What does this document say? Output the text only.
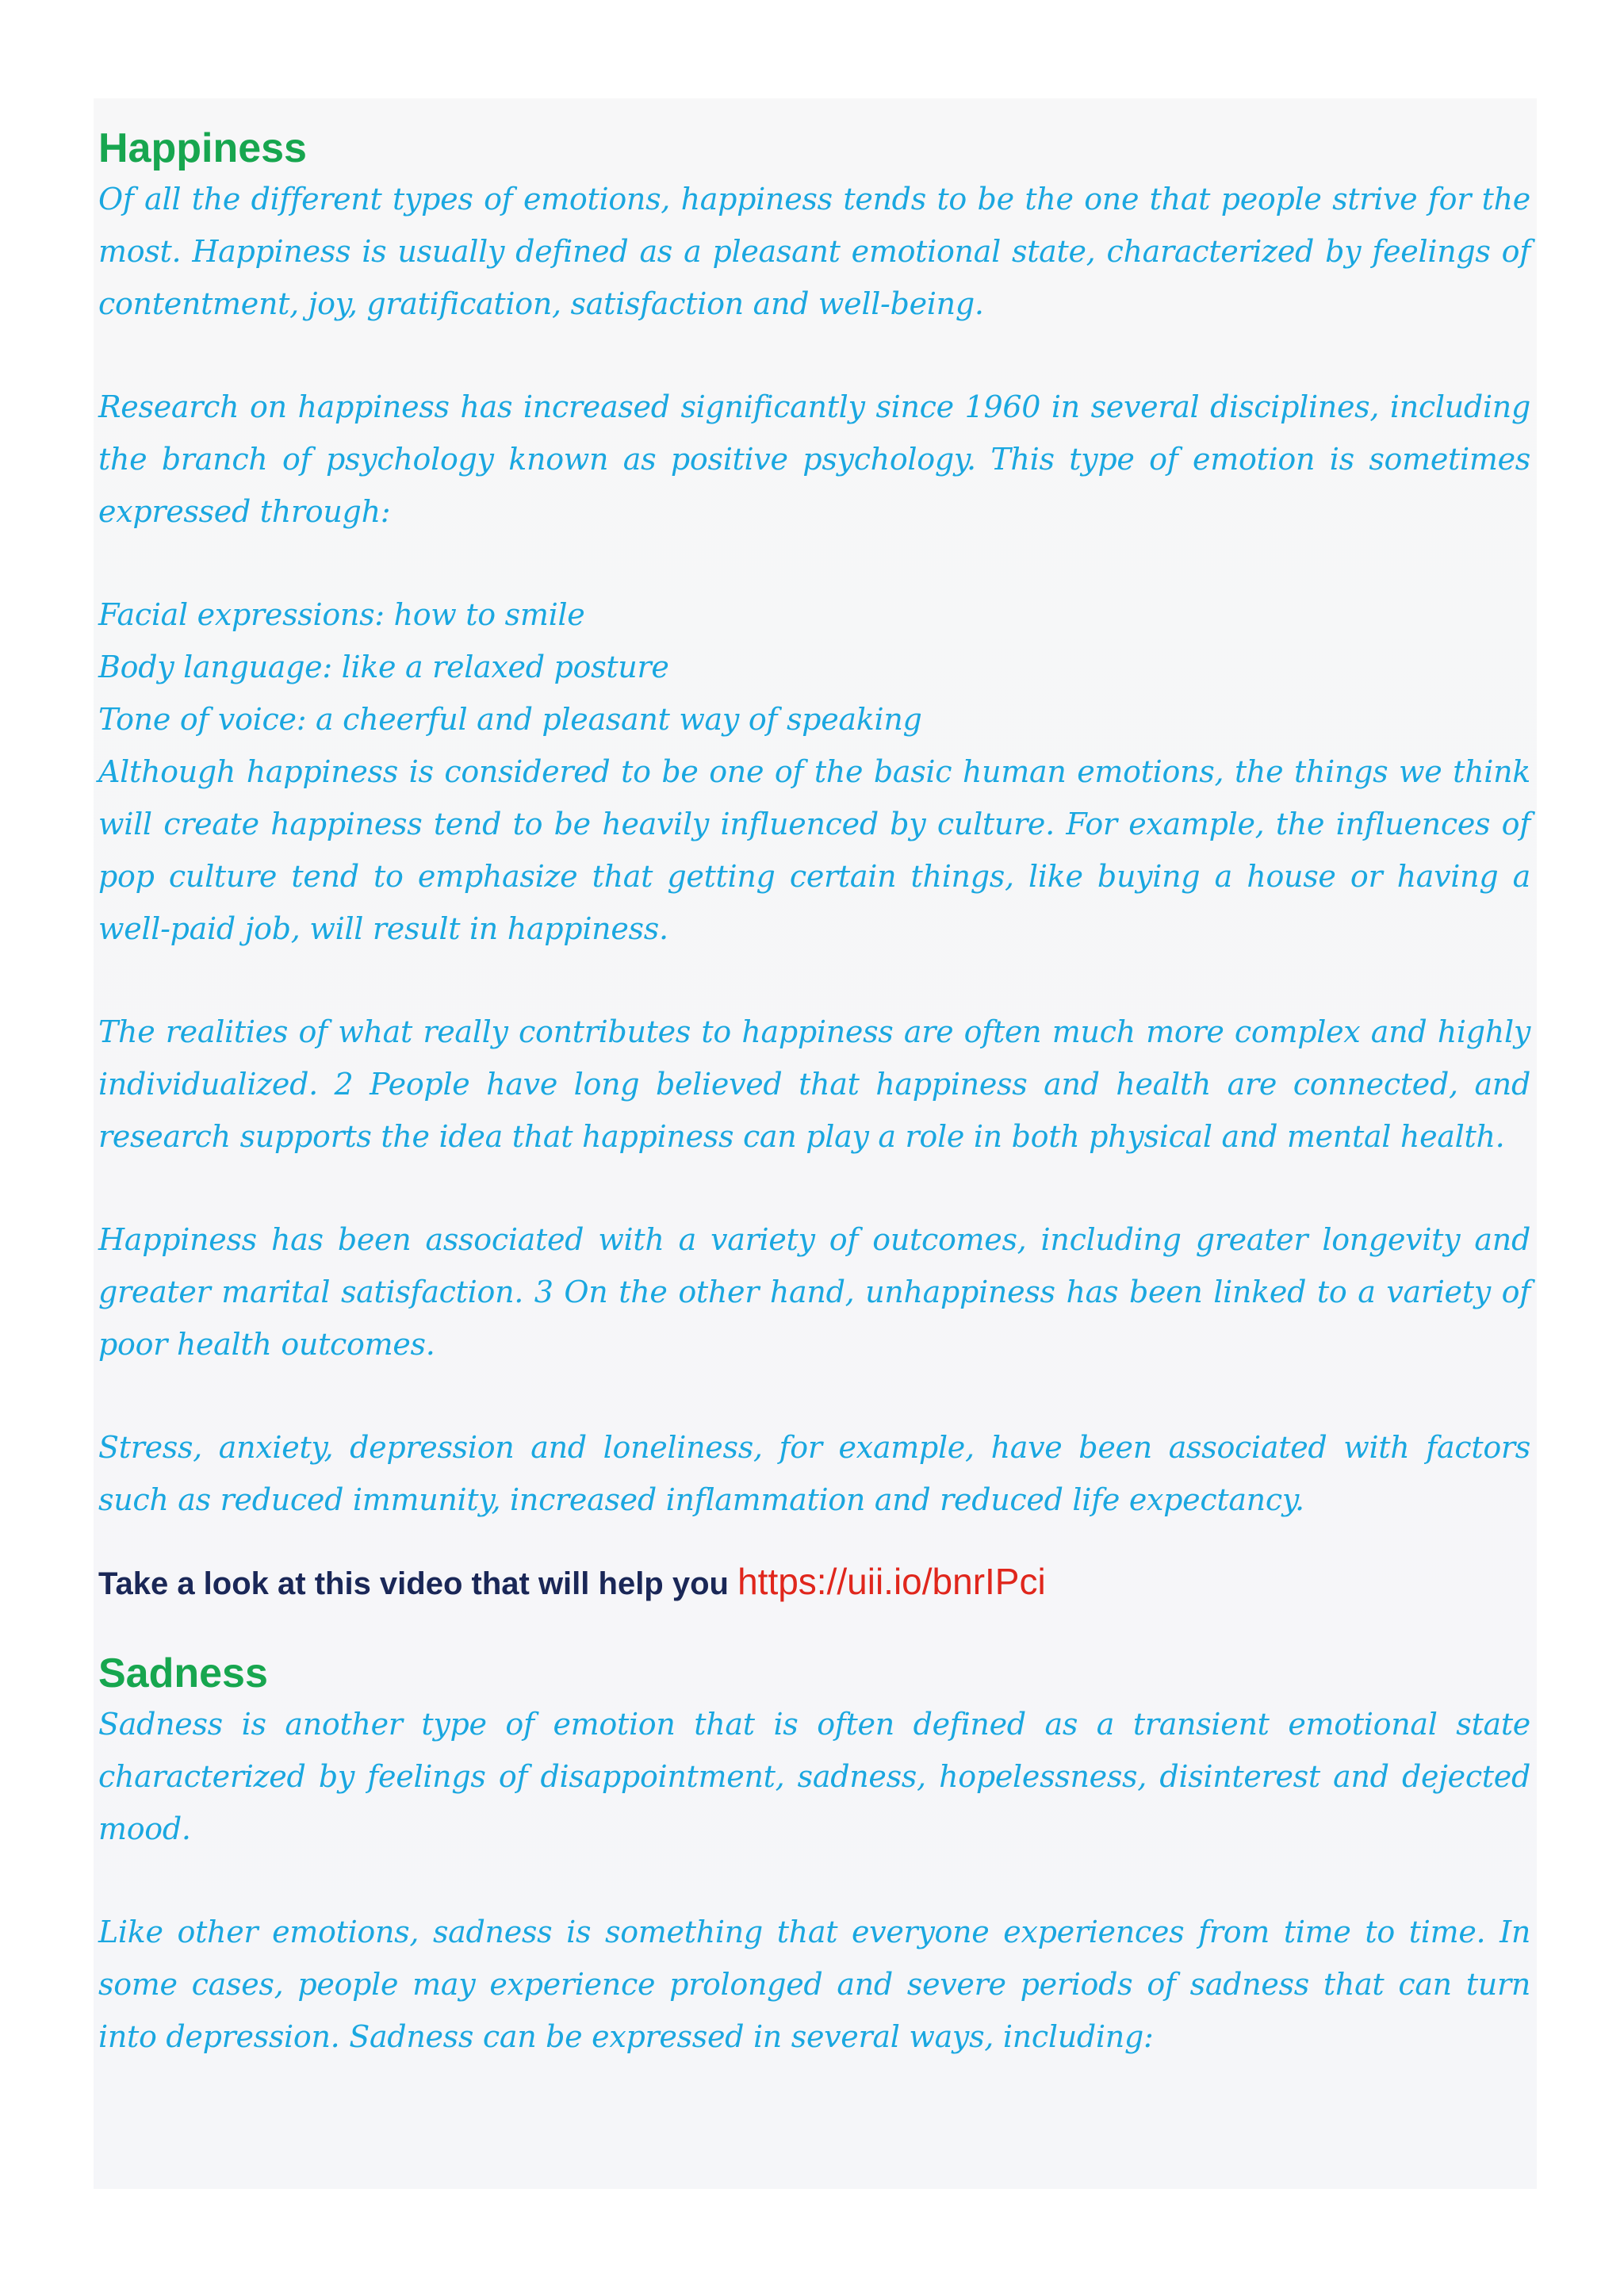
Happiness

Of all the different types of emotions, happiness tends to be the one that people strive for the most. Happiness is usually defined as a pleasant emotional state, characterized by feelings of contentment, joy, gratification, satisfaction and well-being.

Research on happiness has increased significantly since 1960 in several disciplines, including the branch of psychology known as positive psychology. This type of emotion is sometimes expressed through:

Facial expressions: how to smile
Body language: like a relaxed posture
Tone of voice: a cheerful and pleasant way of speaking

Although happiness is considered to be one of the basic human emotions, the things we think will create happiness tend to be heavily influenced by culture. For example, the influences of pop culture tend to emphasize that getting certain things, like buying a house or having a well-paid job, will result in happiness.

The realities of what really contributes to happiness are often much more complex and highly individualized. 2 People have long believed that happiness and health are connected, and research supports the idea that happiness can play a role in both physical and mental health.

Happiness has been associated with a variety of outcomes, including greater longevity and greater marital satisfaction. 3 On the other hand, unhappiness has been linked to a variety of poor health outcomes.

Stress, anxiety, depression and loneliness, for example, have been associated with factors such as reduced immunity, increased inflammation and reduced life expectancy.

Take a look at this video that will help you https://uii.io/bnrIPci

Sadness

Sadness is another type of emotion that is often defined as a transient emotional state characterized by feelings of disappointment, sadness, hopelessness, disinterest and dejected mood.

Like other emotions, sadness is something that everyone experiences from time to time. In some cases, people may experience prolonged and severe periods of sadness that can turn into depression. Sadness can be expressed in several ways, including:
